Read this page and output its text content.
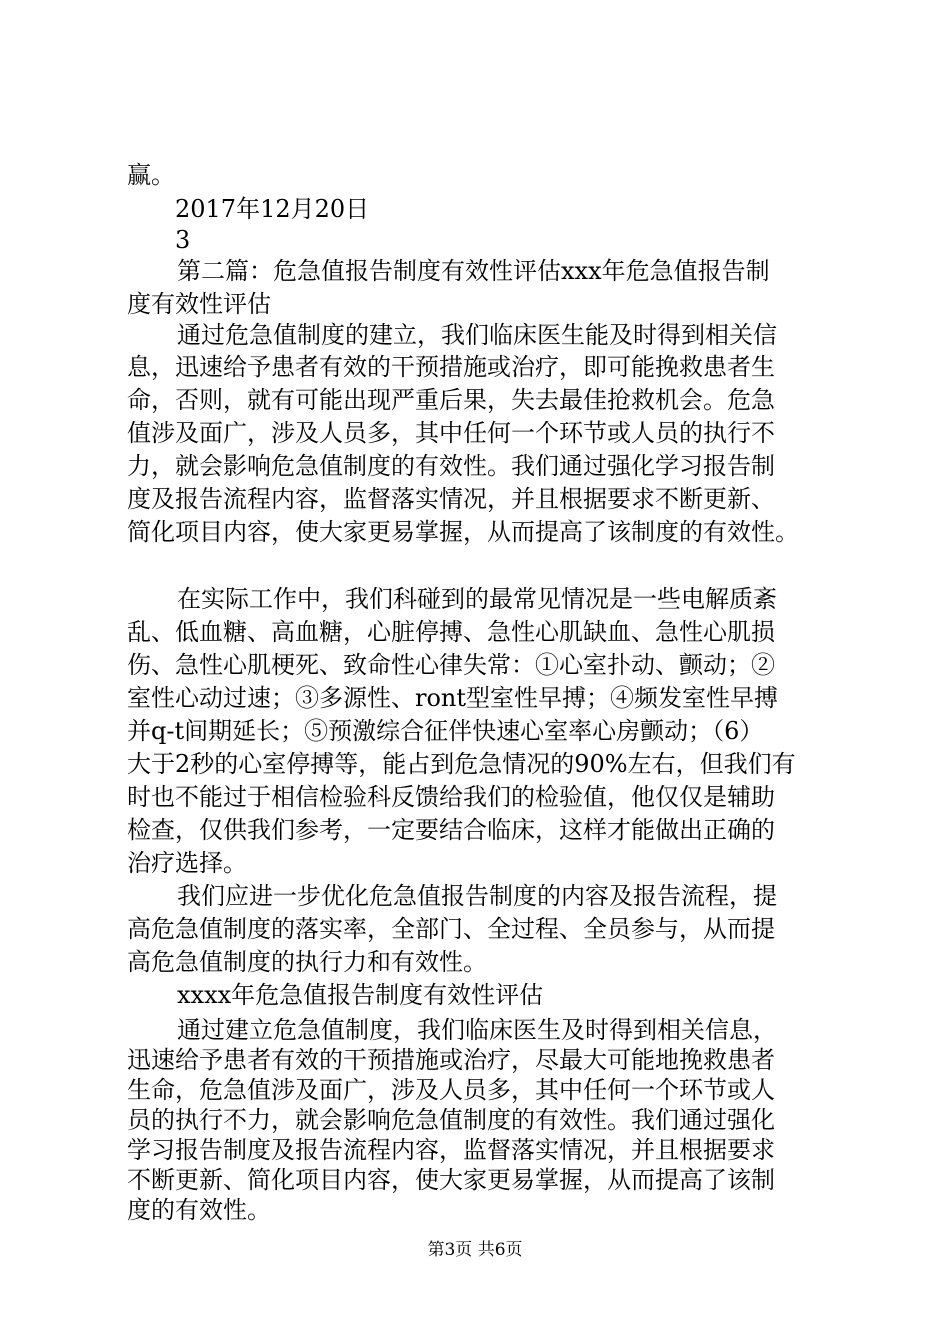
赢。
2017年12月20日
3
第二篇：危急值报告制度有效性评估xxx年危急值报告制
度有效性评估
通过危急值制度的建立，我们临床医生能及时得到相关信
息，迅速给予患者有效的干预措施或治疗，即可能挽救患者生
命，否则，就有可能出现严重后果，失去最佳抢救机会。危急
值涉及面广，涉及人员多，其中任何一个环节或人员的执行不
力，就会影响危急值制度的有效性。我们通过强化学习报告制
度及报告流程内容，监督落实情况，并且根据要求不断更新、
简化项目内容，使大家更易掌握，从而提高了该制度的有效性。
在实际工作中，我们科碰到的最常见情况是一些电解质紊
乱、低血糖、高血糖，心脏停搏、急性心肌缺血、急性心肌损
伤、急性心肌梗死、致命性心律失常：①心室扑动、颤动；②
室性心动过速；③多源性、ront型室性早搏；④频发室性早搏
并q-t间期延长；⑤预激综合征伴快速心室率心房颤动；（6）
大于2秒的心室停搏等，能占到危急情况的90%左右，但我们有
时也不能过于相信检验科反馈给我们的检验值，他仅仅是辅助
检查，仅供我们参考，一定要结合临床，这样才能做出正确的
治疗选择。
我们应进一步优化危急值报告制度的内容及报告流程，提
高危急值制度的落实率，全部门、全过程、全员参与，从而提
高危急值制度的执行力和有效性。
xxxx年危急值报告制度有效性评估
通过建立危急值制度，我们临床医生及时得到相关信息，
迅速给予患者有效的干预措施或治疗，尽最大可能地挽救患者
生命，危急值涉及面广，涉及人员多，其中任何一个环节或人
员的执行不力，就会影响危急值制度的有效性。我们通过强化
学习报告制度及报告流程内容，监督落实情况，并且根据要求
不断更新、简化项目内容，使大家更易掌握，从而提高了该制
度的有效性。
第3页 共6页
